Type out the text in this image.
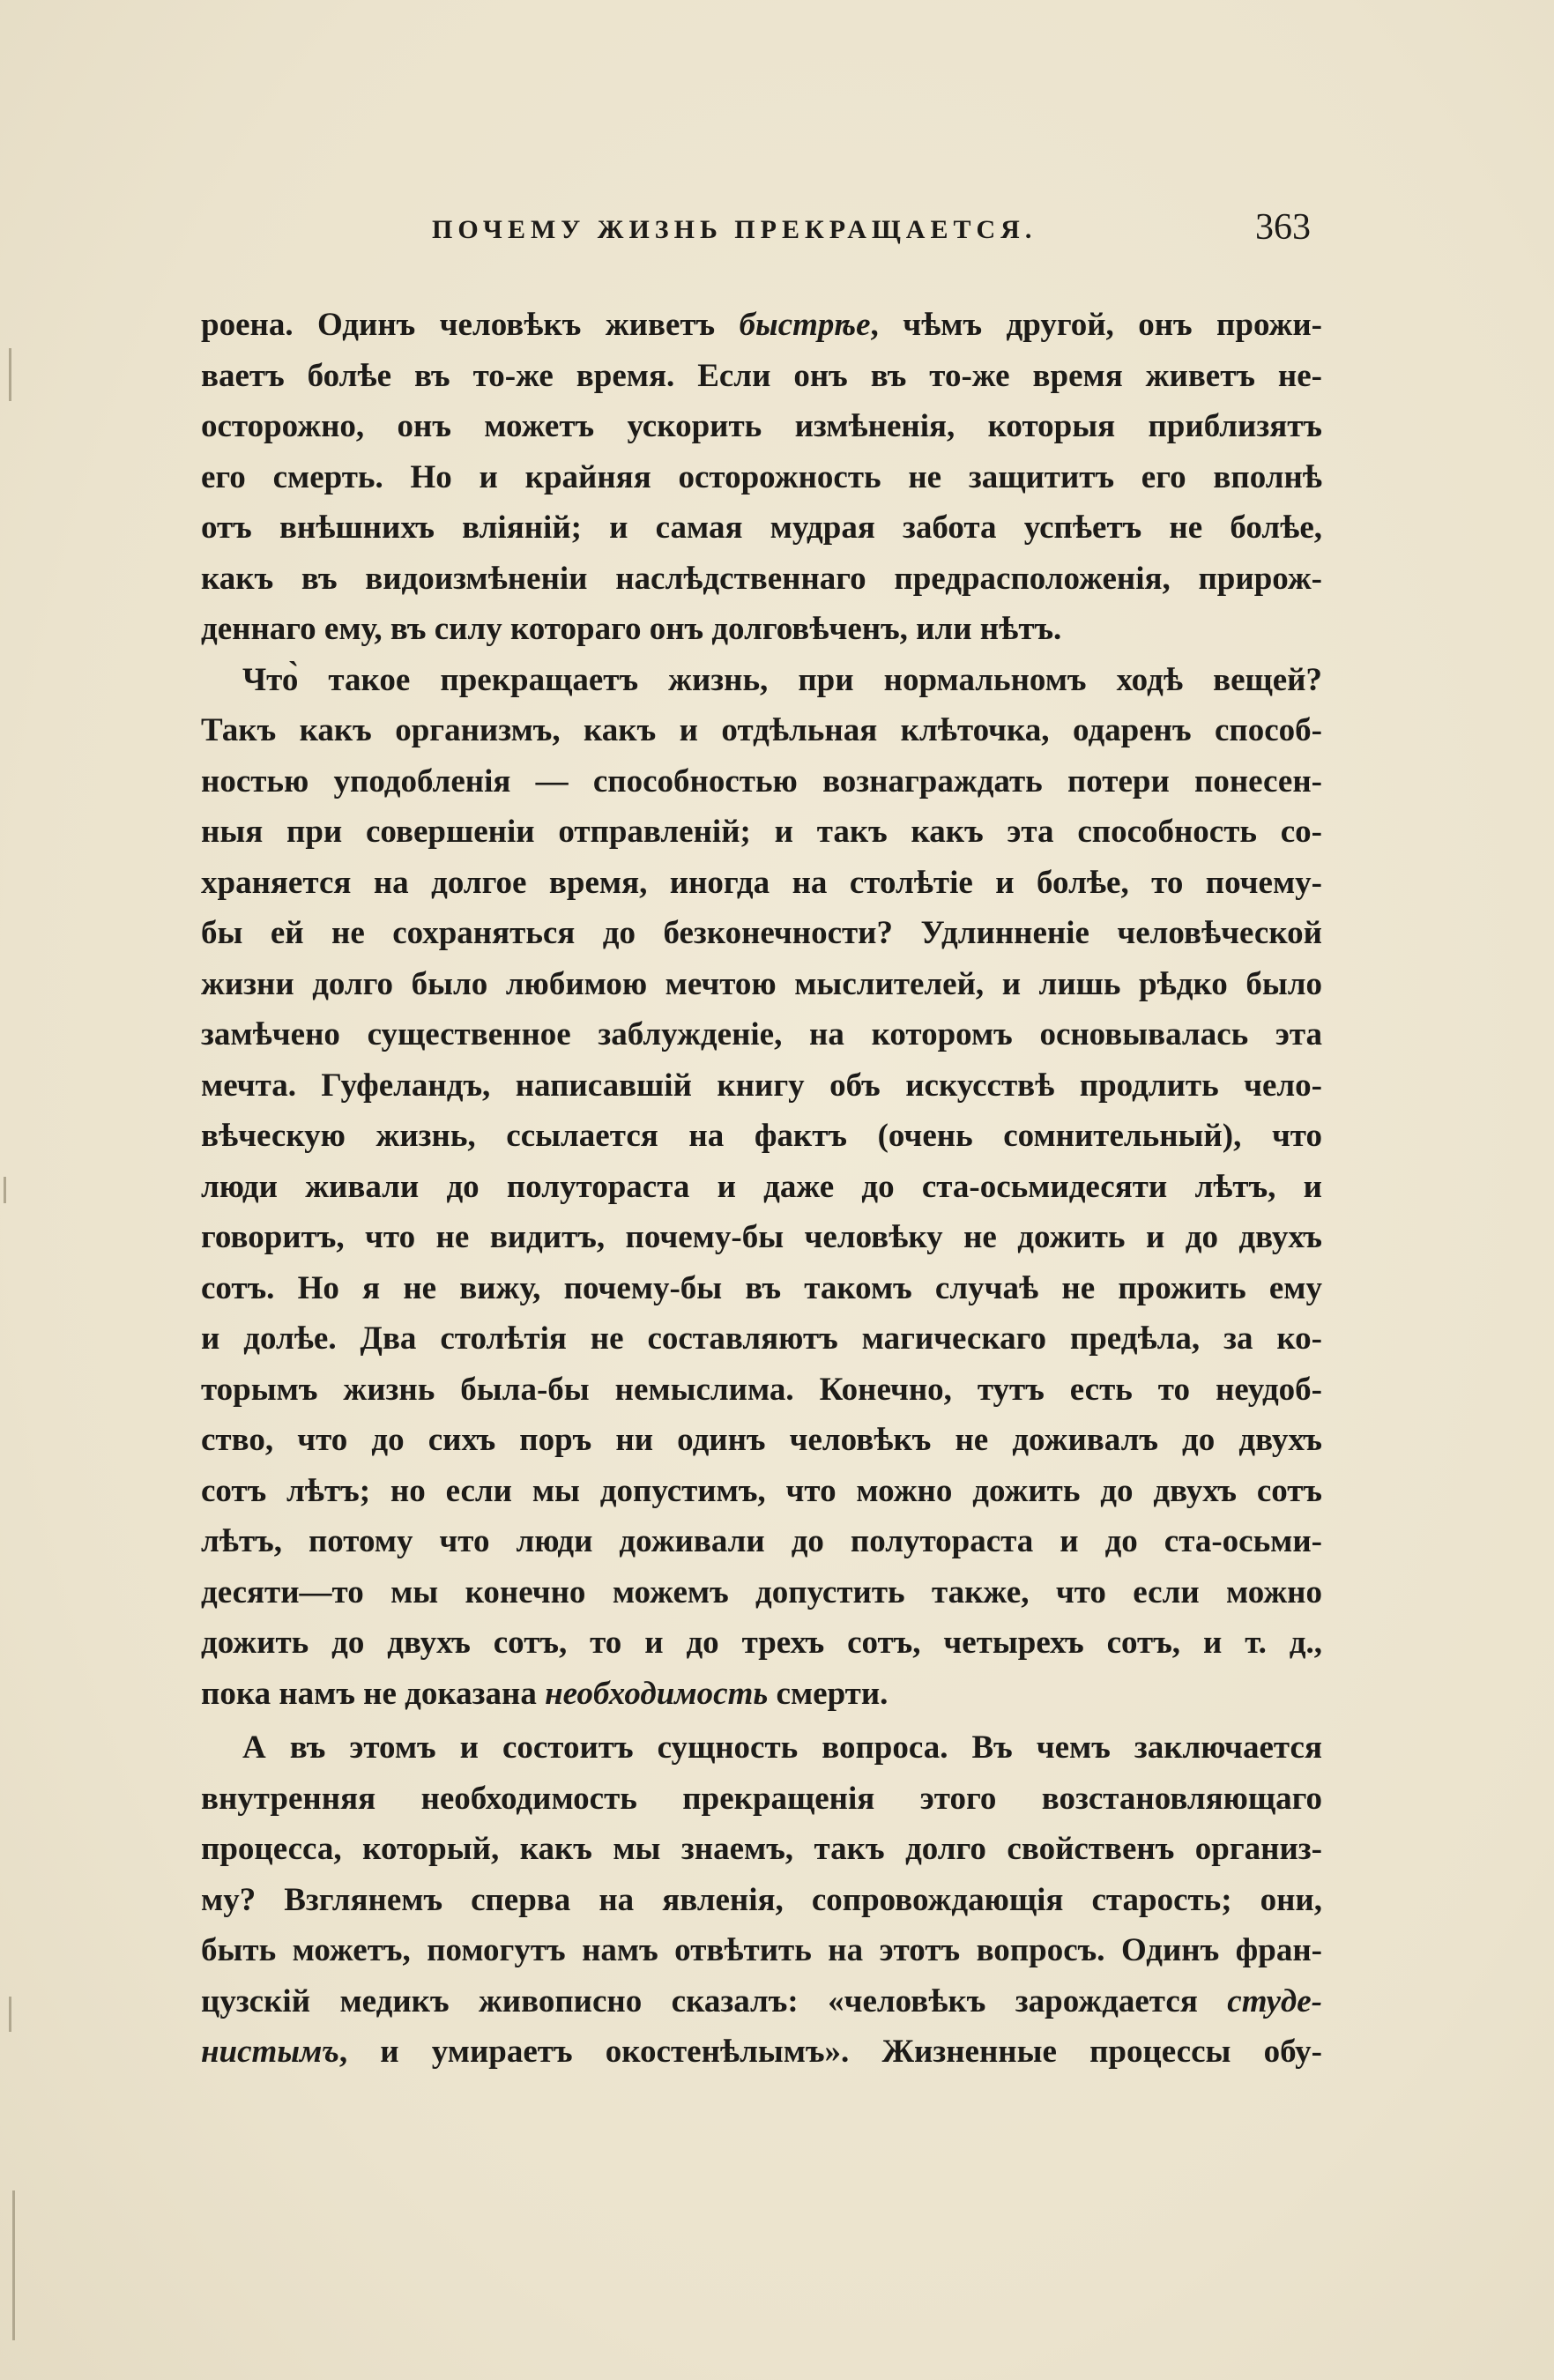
ПОЧЕМУ ЖИЗНЬ ПРЕКРАЩАЕТСЯ.	363
роена. Одинъ человѣкъ живетъ быстрѣе, чѣмъ другой, онъ прожи-
ваетъ болѣе въ то-же время. Если онъ въ то-же время живетъ не-
осторожно, онъ можетъ ускорить измѣненія, которыя приблизятъ
его смерть. Но и крайняя осторожность не защититъ его вполнѣ
отъ внѣшнихъ вліяній; и самая мудрая забота успѣетъ не болѣе,
какъ въ видоизмѣненіи наслѣдственнаго предрасположенія, прирож-
деннаго ему, въ силу котораго онъ долговѣченъ, или нѣтъ.
Что̀ такое прекращаетъ жизнь, при нормальномъ ходѣ вещей?
Такъ какъ организмъ, какъ и отдѣльная клѣточка, одаренъ способ-
ностью уподобленія — способностью вознаграждать потери понесен-
ныя при совершеніи отправленій; и такъ какъ эта способность со-
храняется на долгое время, иногда на столѣтіе и болѣе, то почему-
бы ей не сохраняться до безконечности? Удлинненіе человѣческой
жизни долго было любимою мечтою мыслителей, и лишь рѣдко было
замѣчено существенное заблужденіе, на которомъ основывалась эта
мечта. Гуфеландъ, написавшій книгу объ искусствѣ продлить чело-
вѣческую жизнь, ссылается на фактъ (очень сомнительный), что
люди живали до полутораста и даже до ста-осьмидесяти лѣтъ, и
говоритъ, что не видитъ, почему-бы человѣку не дожить и до двухъ
сотъ. Но я не вижу, почему-бы въ такомъ случаѣ не прожить ему
и долѣе. Два столѣтія не составляютъ магическаго предѣла, за ко-
торымъ жизнь была-бы немыслима. Конечно, тутъ есть то неудоб-
ство, что до сихъ поръ ни одинъ человѣкъ не доживалъ до двухъ
сотъ лѣтъ; но если мы допустимъ, что можно дожить до двухъ сотъ
лѣтъ, потому что люди доживали до полутораста и до ста-осьми-
десяти—то мы конечно можемъ допустить также, что если можно
дожить до двухъ сотъ, то и до трехъ сотъ, четырехъ сотъ, и т. д.,
пока намъ не доказана необходимость смерти.
А въ этомъ и состоитъ сущность вопроса. Въ чемъ заключается
внутренняя необходимость прекращенія этого возстановляющаго
процесса, который, какъ мы знаемъ, такъ долго свойственъ организ-
му? Взглянемъ сперва на явленія, сопровождающія старость; они,
быть можетъ, помогутъ намъ отвѣтить на этотъ вопросъ. Одинъ фран-
цузскій медикъ живописно сказалъ: «человѣкъ зарождается студе-
нистымъ, и умираетъ окостенѣлымъ». Жизненные процессы обу-
